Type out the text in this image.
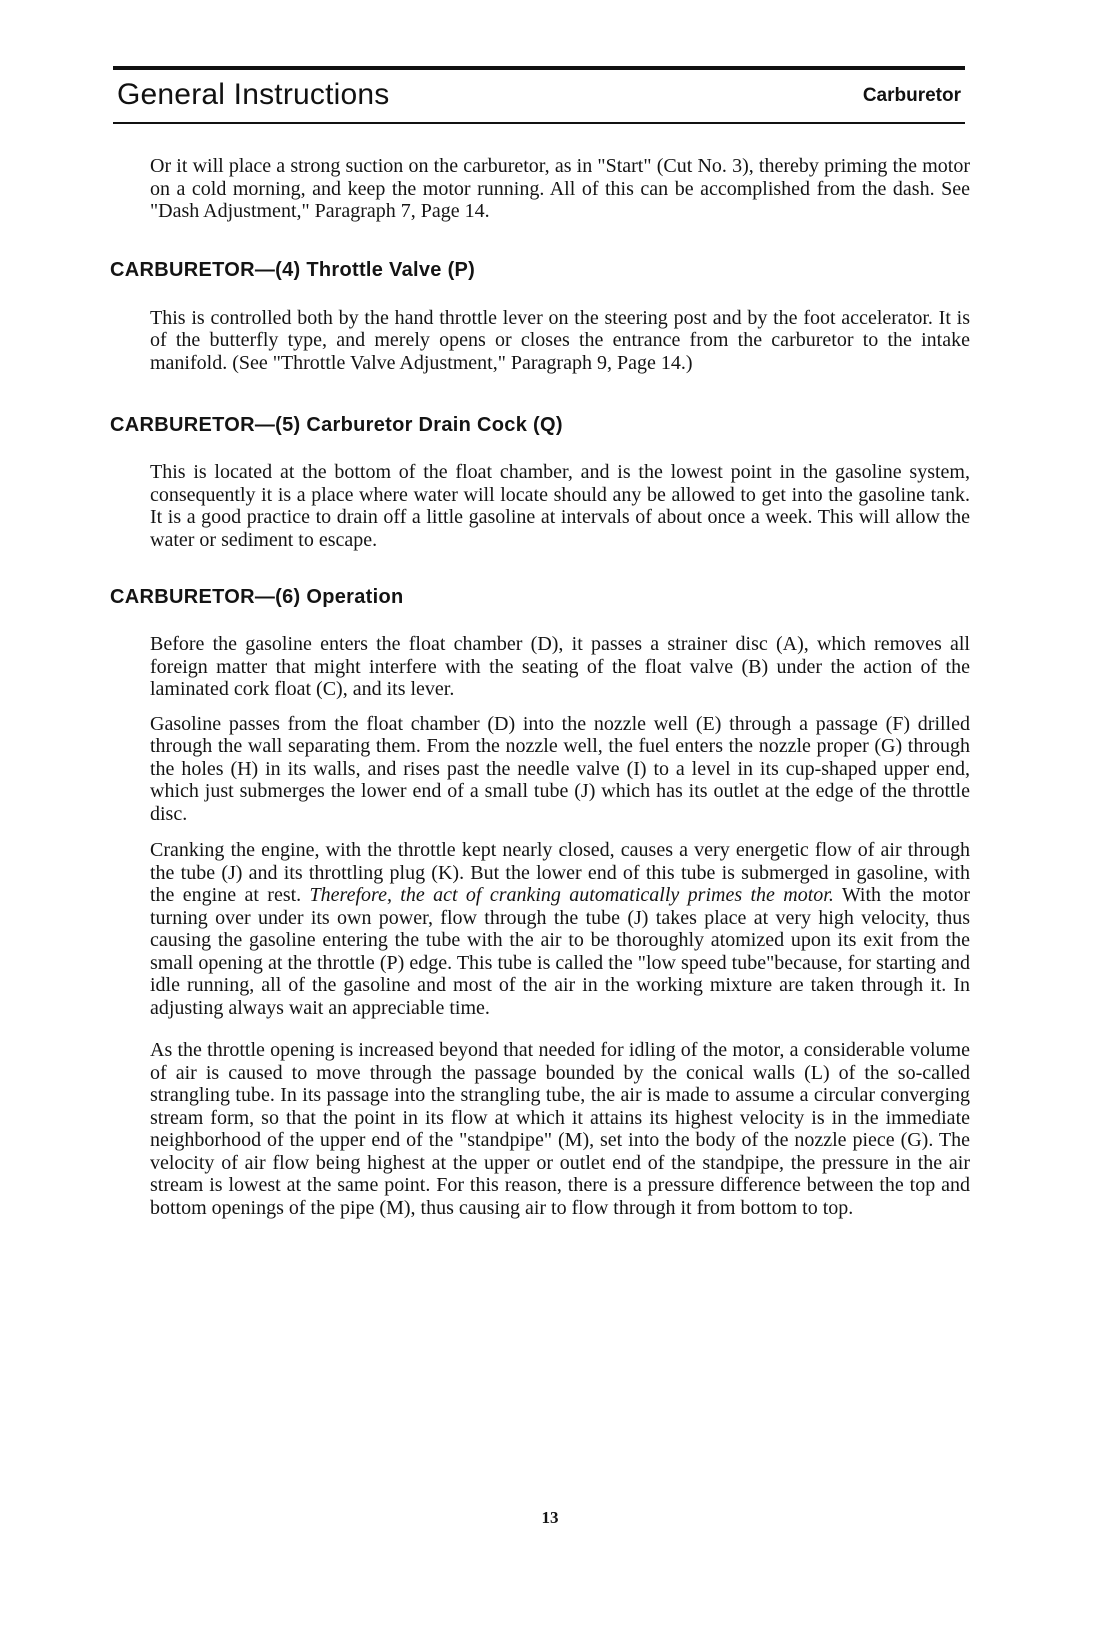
General Instructions	Carburetor

Or it will place a strong suction on the carburetor, as in "Start" (Cut No. 3), thereby priming the motor on a cold morning, and keep the motor running. All of this can be accomplished from the dash. See "Dash Adjustment," Paragraph 7, Page 14.

CARBURETOR—(4) Throttle Valve (P)

This is controlled both by the hand throttle lever on the steering post and by the foot accelerator. It is of the butterfly type, and merely opens or closes the entrance from the carburetor to the intake manifold. (See "Throttle Valve Adjustment," Paragraph 9, Page 14.)

CARBURETOR—(5) Carburetor Drain Cock (Q)

This is located at the bottom of the float chamber, and is the lowest point in the gasoline system, consequently it is a place where water will locate should any be allowed to get into the gasoline tank. It is a good practice to drain off a little gasoline at intervals of about once a week. This will allow the water or sediment to escape.

CARBURETOR—(6) Operation

Before the gasoline enters the float chamber (D), it passes a strainer disc (A), which removes all foreign matter that might interfere with the seating of the float valve (B) under the action of the laminated cork float (C), and its lever.

Gasoline passes from the float chamber (D) into the nozzle well (E) through a passage (F) drilled through the wall separating them. From the nozzle well, the fuel enters the nozzle proper (G) through the holes (H) in its walls, and rises past the needle valve (I) to a level in its cup-shaped upper end, which just submerges the lower end of a small tube (J) which has its outlet at the edge of the throttle disc.

Cranking the engine, with the throttle kept nearly closed, causes a very energetic flow of air through the tube (J) and its throttling plug (K). But the lower end of this tube is submerged in gasoline, with the engine at rest. Therefore, the act of cranking automatically primes the motor. With the motor turning over under its own power, flow through the tube (J) takes place at very high velocity, thus causing the gasoline entering the tube with the air to be thoroughly atomized upon its exit from the small opening at the throttle (P) edge. This tube is called the "low speed tube"because, for starting and idle running, all of the gasoline and most of the air in the working mixture are taken through it. In adjusting always wait an appreciable time.

As the throttle opening is increased beyond that needed for idling of the motor, a considerable volume of air is caused to move through the passage bounded by the conical walls (L) of the so-called strangling tube. In its passage into the strangling tube, the air is made to assume a circular converging stream form, so that the point in its flow at which it attains its highest velocity is in the immediate neighborhood of the upper end of the "standpipe" (M), set into the body of the nozzle piece (G). The velocity of air flow being highest at the upper or outlet end of the standpipe, the pressure in the air stream is lowest at the same point. For this reason, there is a pressure difference between the top and bottom openings of the pipe (M), thus causing air to flow through it from bottom to top.

13
